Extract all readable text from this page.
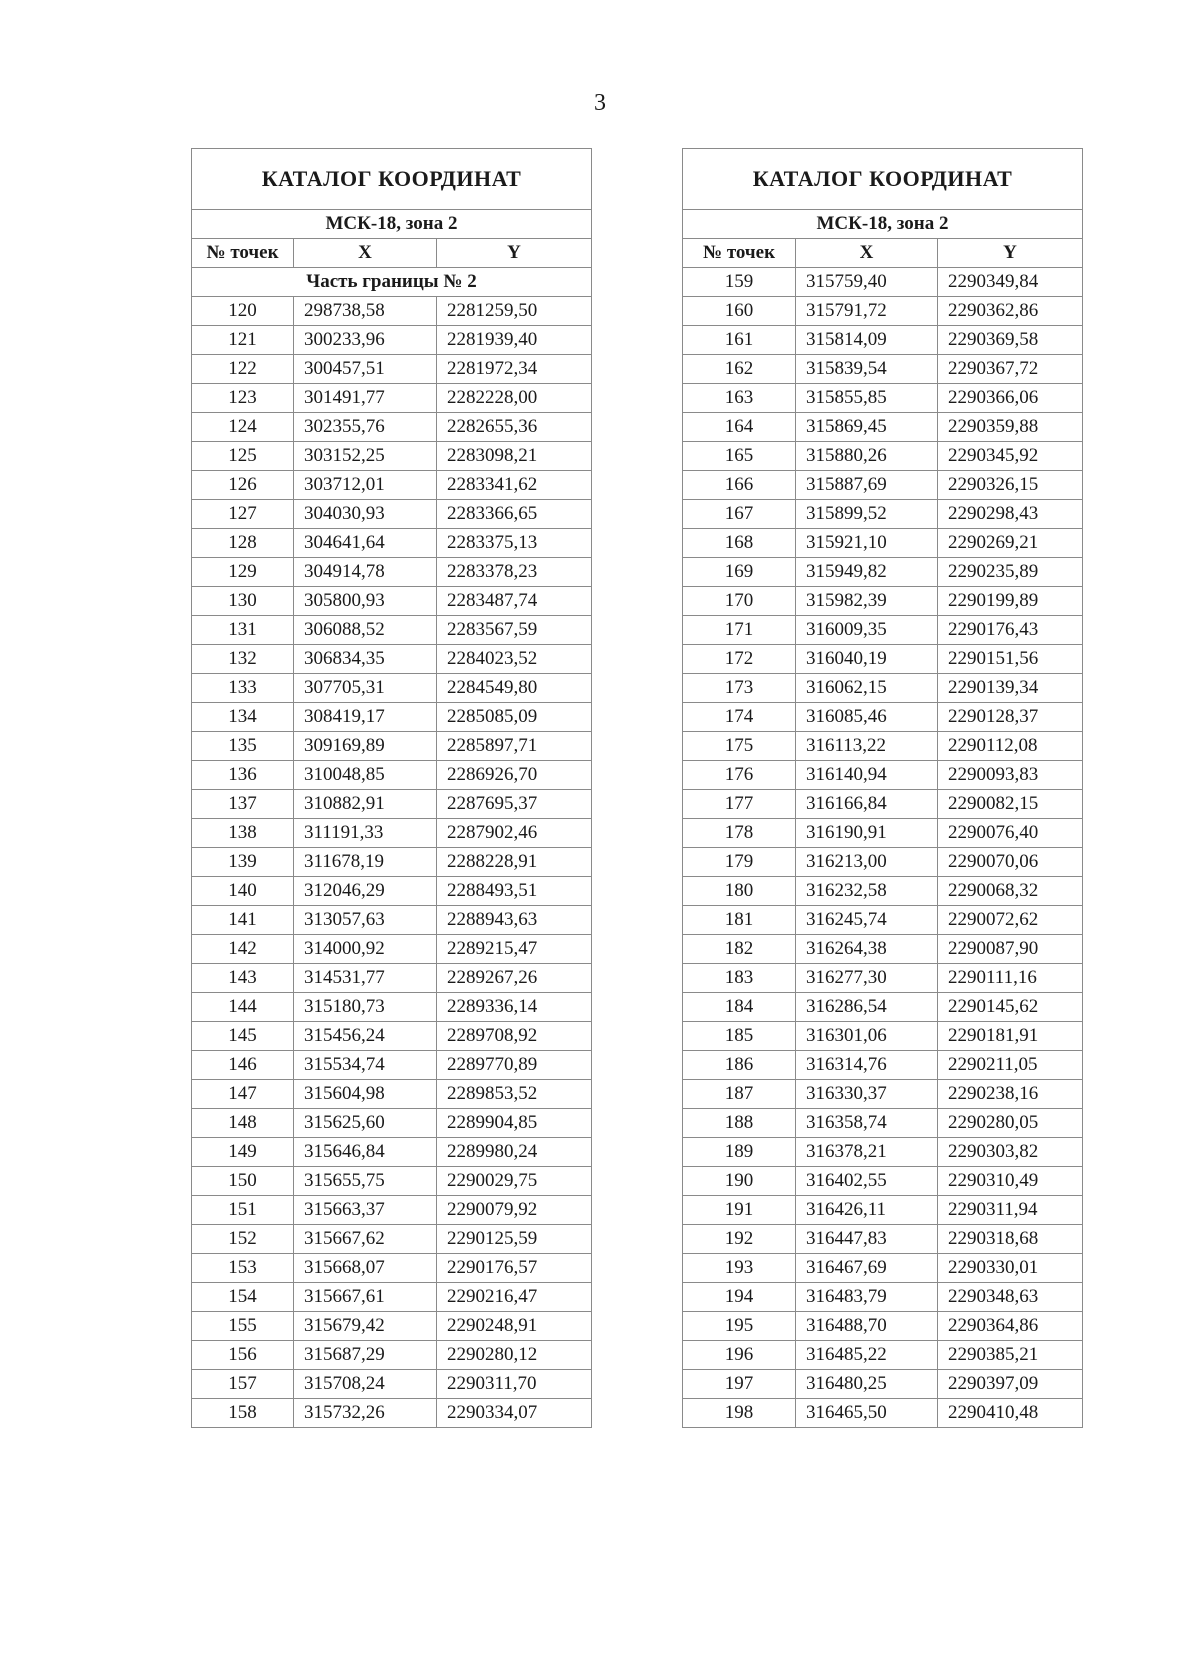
3
КАТАЛОГ КООРДИНАТ		
МСК-18, зона 2		
№ точек	X	Y
Часть границы № 2		
120	298738,58	2281259,50
121	300233,96	2281939,40
122	300457,51	2281972,34
123	301491,77	2282228,00
124	302355,76	2282655,36
125	303152,25	2283098,21
126	303712,01	2283341,62
127	304030,93	2283366,65
128	304641,64	2283375,13
129	304914,78	2283378,23
130	305800,93	2283487,74
131	306088,52	2283567,59
132	306834,35	2284023,52
133	307705,31	2284549,80
134	308419,17	2285085,09
135	309169,89	2285897,71
136	310048,85	2286926,70
137	310882,91	2287695,37
138	311191,33	2287902,46
139	311678,19	2288228,91
140	312046,29	2288493,51
141	313057,63	2288943,63
142	314000,92	2289215,47
143	314531,77	2289267,26
144	315180,73	2289336,14
145	315456,24	2289708,92
146	315534,74	2289770,89
147	315604,98	2289853,52
148	315625,60	2289904,85
149	315646,84	2289980,24
150	315655,75	2290029,75
151	315663,37	2290079,92
152	315667,62	2290125,59
153	315668,07	2290176,57
154	315667,61	2290216,47
155	315679,42	2290248,91
156	315687,29	2290280,12
157	315708,24	2290311,70
158	315732,26	2290334,07
КАТАЛОГ КООРДИНАТ		
МСК-18, зона 2		
№ точек	X	Y
159	315759,40	2290349,84
160	315791,72	2290362,86
161	315814,09	2290369,58
162	315839,54	2290367,72
163	315855,85	2290366,06
164	315869,45	2290359,88
165	315880,26	2290345,92
166	315887,69	2290326,15
167	315899,52	2290298,43
168	315921,10	2290269,21
169	315949,82	2290235,89
170	315982,39	2290199,89
171	316009,35	2290176,43
172	316040,19	2290151,56
173	316062,15	2290139,34
174	316085,46	2290128,37
175	316113,22	2290112,08
176	316140,94	2290093,83
177	316166,84	2290082,15
178	316190,91	2290076,40
179	316213,00	2290070,06
180	316232,58	2290068,32
181	316245,74	2290072,62
182	316264,38	2290087,90
183	316277,30	2290111,16
184	316286,54	2290145,62
185	316301,06	2290181,91
186	316314,76	2290211,05
187	316330,37	2290238,16
188	316358,74	2290280,05
189	316378,21	2290303,82
190	316402,55	2290310,49
191	316426,11	2290311,94
192	316447,83	2290318,68
193	316467,69	2290330,01
194	316483,79	2290348,63
195	316488,70	2290364,86
196	316485,22	2290385,21
197	316480,25	2290397,09
198	316465,50	2290410,48
